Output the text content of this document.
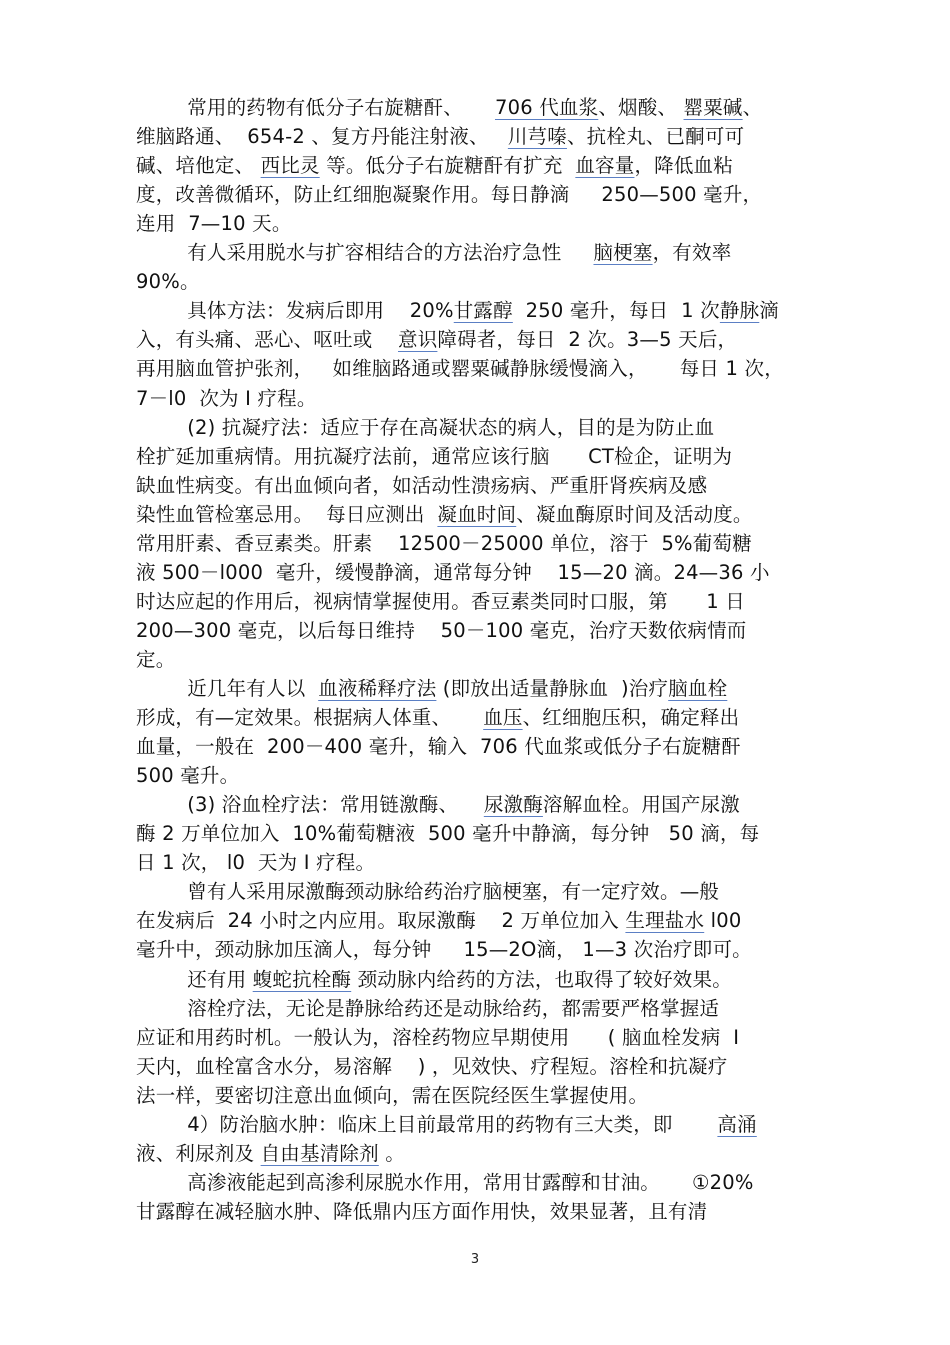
常用的药物有低分子右旋糖酐、     706 代血浆、烟酸、 罂粟碱、
维脑路通、  654-2 、复方丹能注射液、   川芎嗪、抗栓丸、已酮可可
碱、培他定、 西比灵 等。低分子右旋糖酐有扩充  血容量，降低血粘
度，改善微循环，防止红细胞凝聚作用。每日静滴     250—500 毫升，
连用  7—10 天。
有人采用脱水与扩容相结合的方法治疗急性     脑梗塞，有效率
90%。
具体方法：发病后即用    20%甘露醇  250 毫升，每日  1 次静脉滴
入，有头痛、恶心、呕吐或    意识障碍者，每日  2 次。3—5 天后，
再用脑血管护张剂，   如维脑路通或罂粟碱静脉缓慢滴入，     每日 1 次，
7－l0  次为 I 疗程。
(2) 抗凝疗法：适应于存在高凝状态的病人，目的是为防止血
栓扩延加重病情。用抗凝疗法前，通常应该行脑      CT检企，证明为
缺血性病变。有出血倾向者，如活动性溃疡病、严重肝肾疾病及感
染性血管检塞忌用。  每日应测出  凝血时间、凝血酶原时间及活动度。
常用肝素、香豆素类。肝素    12500－25000 单位，溶于  5%葡萄糖
液 500－l000  毫升，缓慢静滴，通常每分钟    15—20 滴。24—36 小
时达应起的作用后，视病情掌握使用。香豆素类同时口服，第      1 日
200—300 毫克，以后每日维持    50－100 毫克，治疗天数依病情而
定。
近几年有人以  血液稀释疗法 (即放出适量静脉血  )治疗脑血栓
形成，有—定效果。根据病人体重、     血压、红细胞压积，确定释出
血量，一般在  200－400 毫升，输入  706 代血浆或低分子右旋糖酐
500 毫升。
(3) 浴血栓疗法：常用链激酶、    尿激酶溶解血栓。用国产尿激
酶 2 万单位加入  10%葡萄糖液  500 毫升中静滴，每分钟   50 滴，每
日 1 次， l0  天为 I 疗程。
曾有人采用尿激酶颈动脉给药治疗脑梗塞，有一定疗效。—般
在发病后  24 小时之内应用。取尿激酶    2 万单位加入 生理盐水 l00
毫升中，颈动脉加压滴人，每分钟     15—2O滴， 1—3 次治疗即可。
还有用 蝮蛇抗栓酶 颈动脉内给药的方法，也取得了较好效果。
溶栓疗法，无论是静脉给药还是动脉给药，都需要严格掌握适
应证和用药时机。一般认为，溶栓药物应早期使用      ( 脑血栓发病  I
天内，血栓富含水分，易溶解    ) ，见效快、疗程短。溶栓和抗凝疗
法一样，要密切注意出血倾向，需在医院经医生掌握使用。
4）防治脑水肿：临床上目前最常用的药物有三大类，即       高涌
液、利尿剂及 自由基清除剂 。
高渗液能起到高渗利尿脱水作用，常用甘露醇和甘油。     ①20%
甘露醇在减轻脑水肿、降低鼎内压方面作用快，效果显著，且有清
3
